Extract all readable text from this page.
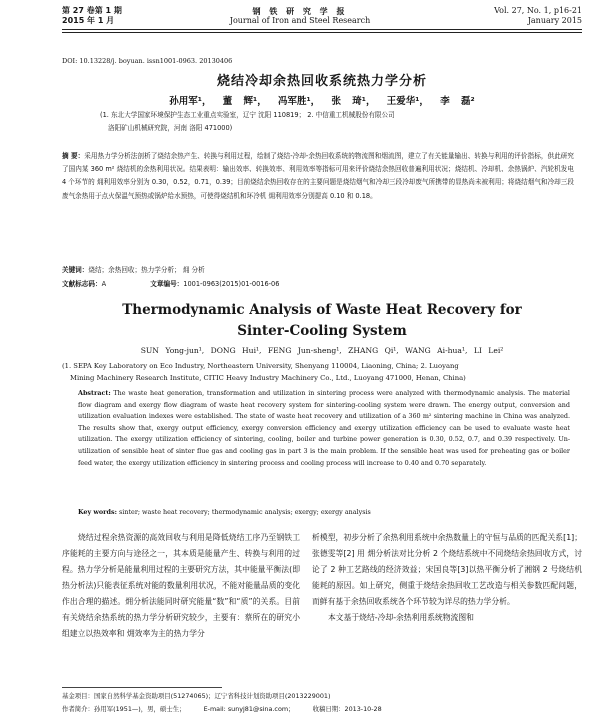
第 27 卷第 1 期
2015 年 1 月
钢 铁 研 究 学 报
Journal of Iron and Steel Research
Vol. 27, No. 1, p16-21
January 2015
DOI: 10.13228/j. boyuan. issn1001-0963. 20130406
烧结冷却余热回收系统热力学分析
孙用军¹， 董 辉¹， 冯军胜¹， 张 琦¹， 王爱华¹， 李 磊²
(1. 东北大学国家环境保护生态工业重点实验室，辽宁 沈阳 110819； 2. 中信重工机械股份有限公司
洛阳矿山机械研究院，河南 洛阳 471000)
摘 要：采用热力学分析法剖析了烧结余热产生、转换与利用过程，绘制了烧结-冷却-余热回收系统的物流图和烟流图，建立了有关能量输出、转换与利用的评价指标，供此研究了国内某 360 m² 烧结机的余热利用状况。结果表明：输出效率、转换效率、利用效率等指标可用来评价烧结余热回收普遍利用状况；烧结机、冷却机、余热锅炉、汽轮机发电 4 个环节的 㶲利用效率分别为 0.30，0.52，0.71，0.39；目前烧结余热回收存在的主要问题是烧结烟气和冷却三段冷却废气所携带的显热尚未被利用；将烧结烟气和冷却三段废气余热用于点火保温气预热或锅炉给水预热，可使得烧结机和环冷机 㶲利用效率分别提高 0.10 和 0.18。
关键词：烧结；余热回收；热力学分析； 㶲 分析
文献标志码：A	文章编号：1001-0963(2015)01-0016-06
Thermodynamic Analysis of Waste Heat Recovery for
Sinter-Cooling System
SUN Yong-jun¹, DONG Hui¹, FENG Jun-sheng¹, ZHANG Qi¹, WANG Ai-hua¹, LI Lei²
(1. SEPA Key Laboratory on Eco Industry, Northeastern University, Shenyang 110004, Liaoning, China; 2. Luoyang
Mining Machinery Research Institute, CITIC Heavy Industry Machinery Co., Ltd., Luoyang 471000, Henan, China)
Abstract: The waste heat generation, transformation and utilization in sintering process were analyzed with thermodynamic analysis. The material flow diagram and exergy flow diagram of waste heat recovery system for sintering-cooling system were drawn. The energy output, conversion and utilization evaluation indexes were established. The state of waste heat recovery and utilization of a 360 m² sintering machine in China was analyzed. The results show that, exergy output efficiency, exergy conversion efficiency and exergy utilization efficiency can be used to evaluate waste heat utilization. The exergy utilization efficiency of sintering, cooling, boiler and turbine power generation is 0.30, 0.52, 0.7, and 0.39 respectively. Un-utilization of sensible heat of sinter flue gas and cooling gas in part 3 is the main problem. If the sensible heat was used for preheating gas or boiler feed water, the exergy utilization efficiency in sintering process and cooling process will increase to 0.40 and 0.70 separately.
Key words: sinter; waste heat recovery; thermodynamic analysis; exergy; exergy analysis
烧结过程余热资源的高效回收与利用是降低烧结工序乃至钢铁工序能耗的主要方向与途径之一，其本质是能量产生、转换与利用的过程。热力学分析是能量利用过程的主要研究方法，其中能量平衡法(即热分析法)只能表征系统对能的数量利用状况，不能对能量品质的变化作出合理的描述。㶲分析法能同时研究能量“数”和“质”的关系。目前有关烧结余热系统的热力学分析研究较少，主要有：蔡所在的研究小组建立以热效率和 㶲效率为主的热力学分

析模型，初步分析了余热利用系统中余热数量上的守恒与品质的匹配关系[1]；张德雯等[2] 用 㶲分析法对比分析 2 个烧结系统中不同烧结余热回收方式，讨论了 2 种工艺路线的经济效益；宋国良等[3]以热平衡分析了湘钢 2 号烧结机能耗的原因。如上研究，侧重于烧结余热回收工艺改造与相关参数匹配问题，而鲜有基于余热回收系统各个环节较为详尽的热力学分析。

本文基于烧结-冷却-余热利用系统物流图和

基金项目：国家自然科学基金资助项目(51274065)；辽宁省科技计划资助项目(2013229001)
作者简介：孙用军(1951—)，男，硕士生；	E-mail: sunyj81@sina.com；	收稿日期：2013-10-28
